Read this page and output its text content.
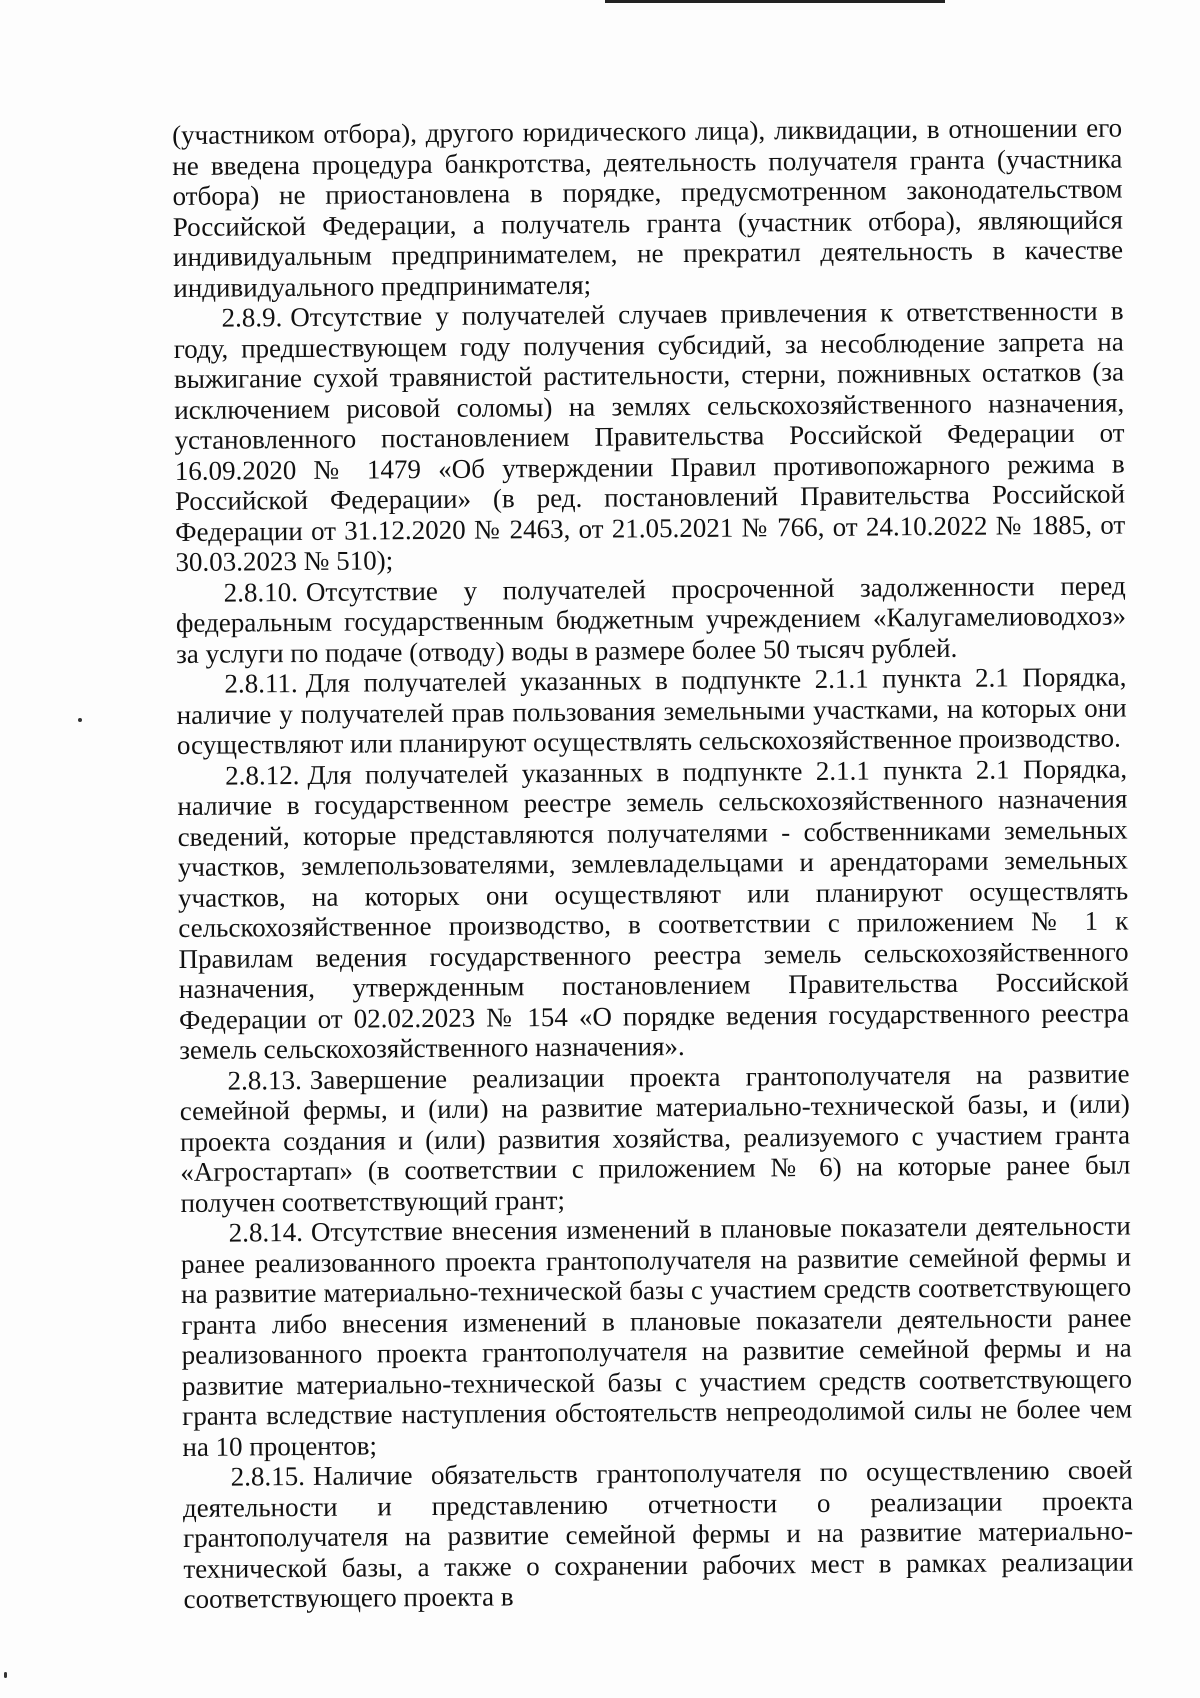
(участником отбора), другого юридического лица), ликвидации, в отношении его не введена процедура банкротства, деятельность получателя гранта (участника отбора) не приостановлена в порядке, предусмотренном законодательством Российской Федерации, а получатель гранта (участник отбора), являющийся индивидуальным предпринимателем, не прекратил деятельность в качестве индивидуального предпринимателя;

2.8.9. Отсутствие у получателей случаев привлечения к ответственности в году, предшествующем году получения субсидий, за несоблюдение запрета на выжигание сухой травянистой растительности, стерни, пожнивных остатков (за исключением рисовой соломы) на землях сельскохозяйственного назначения, установленного постановлением Правительства Российской Федерации от 16.09.2020 № 1479 «Об утверждении Правил противопожарного режима в Российской Федерации» (в ред. постановлений Правительства Российской Федерации от 31.12.2020 № 2463, от 21.05.2021 № 766, от 24.10.2022 № 1885, от 30.03.2023 № 510);

2.8.10. Отсутствие у получателей просроченной задолженности перед федеральным государственным бюджетным учреждением «Калугамелиоводхоз» за услуги по подаче (отводу) воды в размере более 50 тысяч рублей.

2.8.11. Для получателей указанных в подпункте 2.1.1 пункта 2.1 Порядка, наличие у получателей прав пользования земельными участками, на которых они осуществляют или планируют осуществлять сельскохозяйственное производство.

2.8.12. Для получателей указанных в подпункте 2.1.1 пункта 2.1 Порядка, наличие в государственном реестре земель сельскохозяйственного назначения сведений, которые представляются получателями - собственниками земельных участков, землепользователями, землевладельцами и арендаторами земельных участков, на которых они осуществляют или планируют осуществлять сельскохозяйственное производство, в соответствии с приложением № 1 к Правилам ведения государственного реестра земель сельскохозяйственного назначения, утвержденным постановлением Правительства Российской Федерации от 02.02.2023 № 154 «О порядке ведения государственного реестра земель сельскохозяйственного назначения».

2.8.13. Завершение реализации проекта грантополучателя на развитие семейной фермы, и (или) на развитие материально-технической базы, и (или) проекта создания и (или) развития хозяйства, реализуемого с участием гранта «Агростартап» (в соответствии с приложением № 6) на которые ранее был получен соответствующий грант;

2.8.14. Отсутствие внесения изменений в плановые показатели деятельности ранее реализованного проекта грантополучателя на развитие семейной фермы и на развитие материально-технической базы с участием средств соответствующего гранта либо внесения изменений в плановые показатели деятельности ранее реализованного проекта грантополучателя на развитие семейной фермы и на развитие материально-технической базы с участием средств соответствующего гранта вследствие наступления обстоятельств непреодолимой силы не более чем на 10 процентов;

2.8.15. Наличие обязательств грантополучателя по осуществлению своей деятельности и представлению отчетности о реализации проекта грантополучателя на развитие семейной фермы и на развитие материально-технической базы, а также о сохранении рабочих мест в рамках реализации соответствующего проекта в
